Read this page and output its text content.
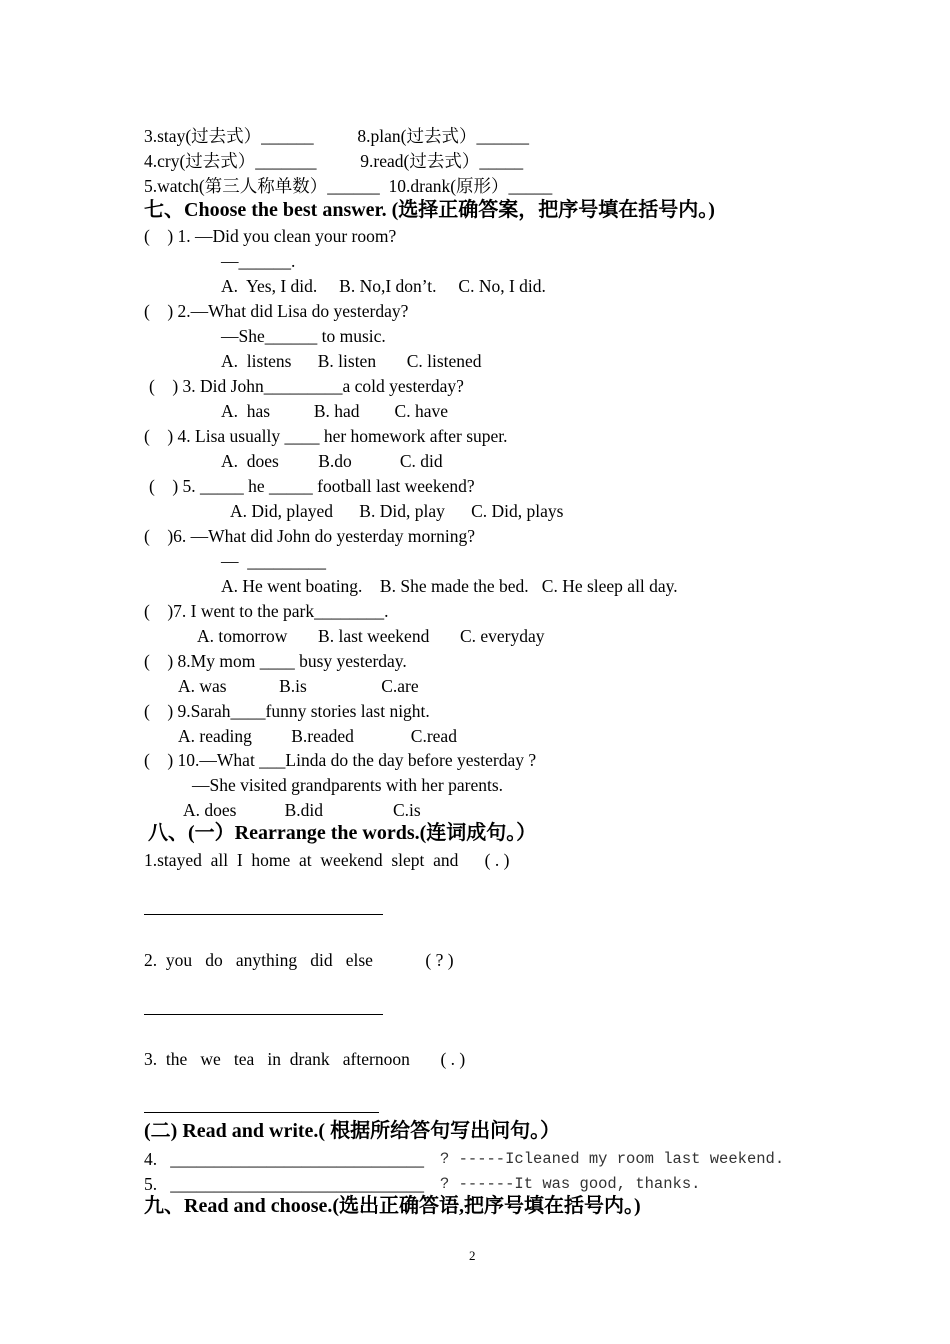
3.stay(过去式）______          8.plan(过去式）______
4.cry(过去式）_______          9.read(过去式）_____
5.watch(第三人称单数）______  10.drank(原形）_____
七、Choose the best answer. (选择正确答案，把序号填在括号内。)
(    ) 1. —Did you clean your room?
—______.
A.  Yes, I did.     B. No,I don’t.     C. No, I did.
(    ) 2.—What did Lisa do yesterday?
—She______ to music.
A.  listens      B. listen       C. listened
(    ) 3. Did John_________a cold yesterday?
A.  has          B. had        C. have
(    ) 4. Lisa usually ____ her homework after super.
A.  does         B.do           C. did
(    ) 5. _____ he _____ football last weekend?
A. Did, played      B. Did, play      C. Did, plays
(    )6. —What did John do yesterday morning?
—  _________
A. He went boating.    B. She made the bed.   C. He sleep all day.
(    )7. I went to the park________.
A. tomorrow       B. last weekend       C. everyday
(    ) 8.My mom ____ busy yesterday.
A. was            B.is                 C.are
(    ) 9.Sarah____funny stories last night.
A. reading         B.readed             C.read
(    ) 10.—What ___Linda do the day before yesterday ?
—She visited grandparents with her parents.
A. does           B.did                C.is
八、(一）Rearrange the words.(连词成句。）
1.stayed  all  I  home  at  weekend  slept  and      ( . )
2.  you   do   anything   did   else            ( ? )
3.  the   we   tea   in  drank   afternoon       ( . )
(二) Read and write.( 根据所给答句写出问句。）
4.   _____________________________ ? -----Icleaned my room last weekend.
5.   _____________________________ ? ------It was good, thanks.
九、Read and choose.(选出正确答语,把序号填在括号内。)
2
